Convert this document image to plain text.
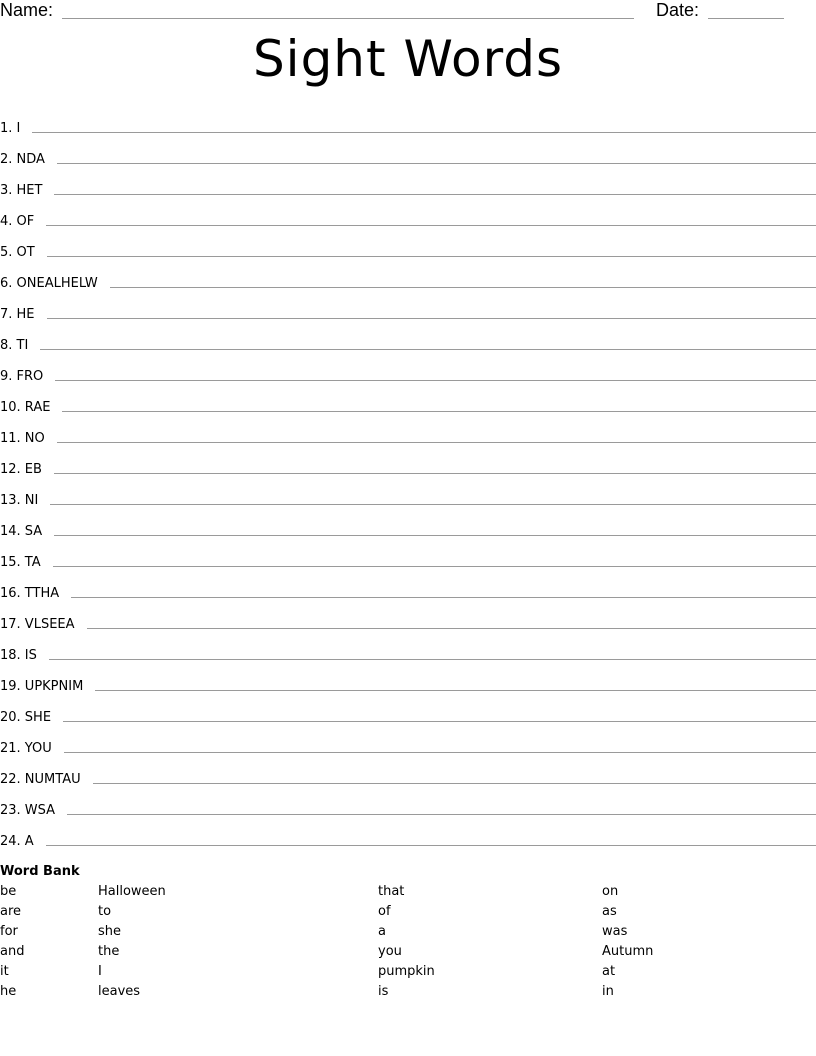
Name:	Date:
Sight Words
1. I
2. NDA
3. HET
4. OF
5. OT
6. ONEALHELW
7. HE
8. TI
9. FRO
10. RAE
11. NO
12. EB
13. NI
14. SA
15. TA
16. TTHA
17. VLSEEA
18. IS
19. UPKPNIM
20. SHE
21. YOU
22. NUMTAU
23. WSA
24. A
Word Bank
be
are
for
and
it
he
Halloween
to
she
the
I
leaves
that
of
a
you
pumpkin
is
on
as
was
Autumn
at
in
